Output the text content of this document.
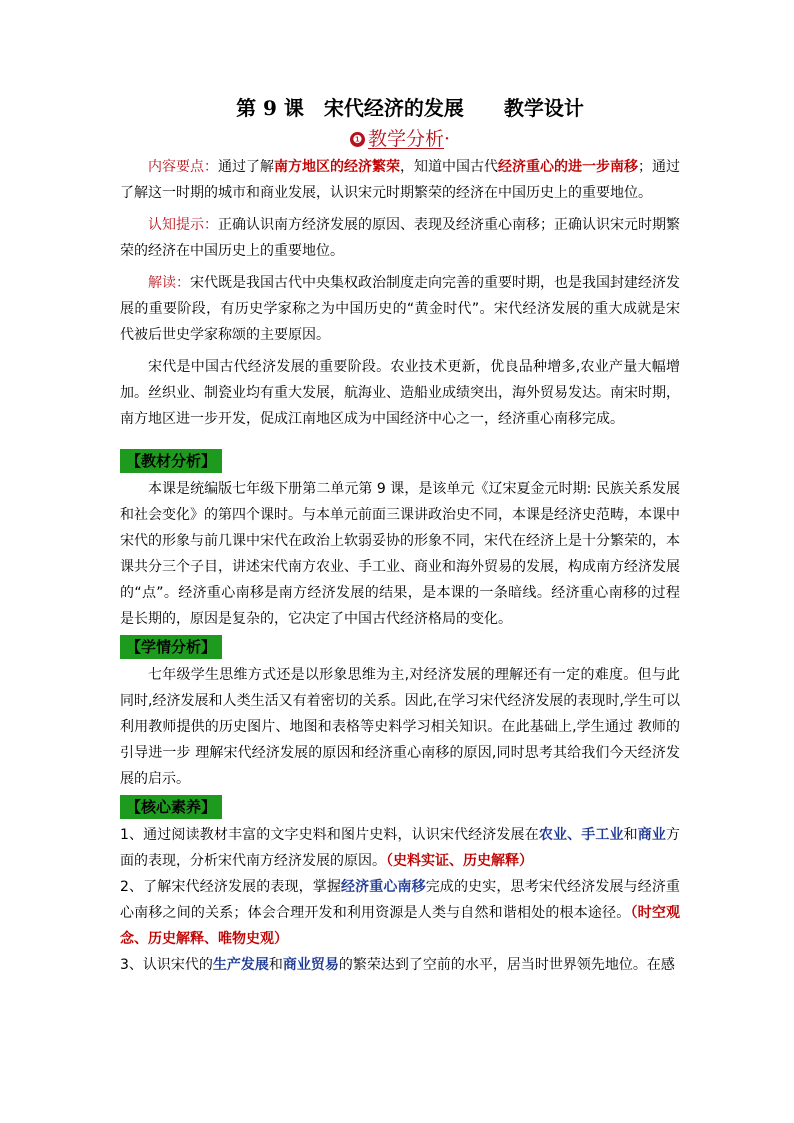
第 9 课　宋代经济的发展　　教学设计
❶ 教学分析·

内容要点：通过了解南方地区的经济繁荣，知道中国古代经济重心的进一步南移；通过了解这一时期的城市和商业发展，认识宋元时期繁荣的经济在中国历史上的重要地位。

认知提示：正确认识南方经济发展的原因、表现及经济重心南移；正确认识宋元时期繁荣的经济在中国历史上的重要地位。

解读：宋代既是我国古代中央集权政治制度走向完善的重要时期，也是我国封建经济发展的重要阶段，有历史学家称之为中国历史的“黄金时代”。宋代经济发展的重大成就是宋代被后世史学家称颂的主要原因。

宋代是中国古代经济发展的重要阶段。农业技术更新，优良品种增多,农业产量大幅增加。丝织业、制瓷业均有重大发展，航海业、造船业成绩突出，海外贸易发达。南宋时期，南方地区进一步开发，促成江南地区成为中国经济中心之一，经济重心南移完成。

【教材分析】

本课是统编版七年级下册第二单元第 9 课，是该单元《辽宋夏金元时期: 民族关系发展和社会变化》的第四个课时。与本单元前面三课讲政治史不同，本课是经济史范畴，本课中宋代的形象与前几课中宋代在政治上软弱妥协的形象不同，宋代在经济上是十分繁荣的，本课共分三个子目，讲述宋代南方农业、手工业、商业和海外贸易的发展，构成南方经济发展的“点”。经济重心南移是南方经济发展的结果，是本课的一条暗线。经济重心南移的过程是长期的，原因是复杂的，它决定了中国古代经济格局的变化。

【学情分析】

七年级学生思维方式还是以形象思维为主,对经济发展的理解还有一定的难度。但与此同时,经济发展和人类生活又有着密切的关系。因此,在学习宋代经济发展的表现时,学生可以利用教师提供的历史图片、地图和表格等史料学习相关知识。在此基础上,学生通过 教师的引导进一步 理解宋代经济发展的原因和经济重心南移的原因,同时思考其给我们今天经济发展的启示。

【核心素养】

1、通过阅读教材丰富的文字史料和图片史料，认识宋代经济发展在农业、手工业和商业方面的表现，分析宋代南方经济发展的原因。（史料实证、历史解释）

2、了解宋代经济发展的表现，掌握经济重心南移完成的史实，思考宋代经济发展与经济重心南移之间的关系；体会合理开发和利用资源是人类与自然和谐相处的根本途径。（时空观念、历史解释、唯物史观）

3、认识宋代的生产发展和商业贸易的繁荣达到了空前的水平，居当时世界领先地位。在感
